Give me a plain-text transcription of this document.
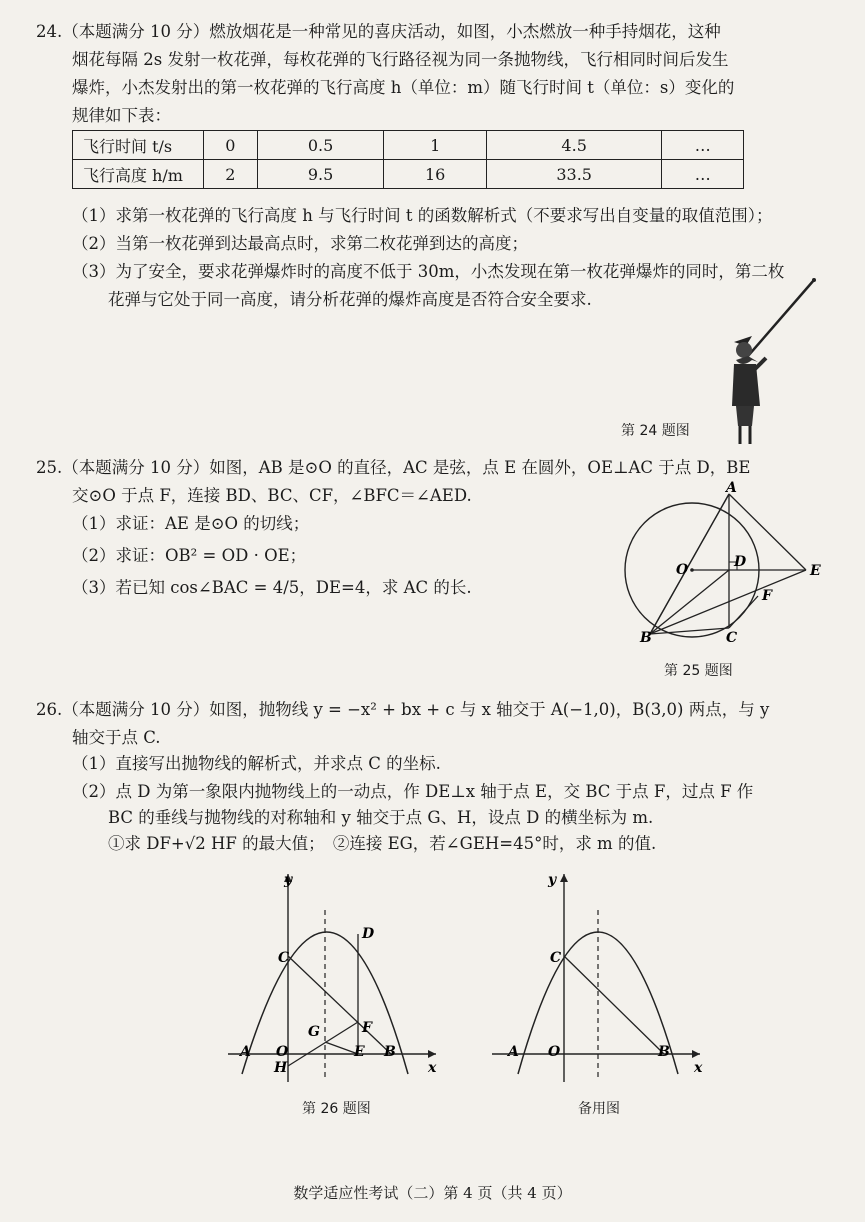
24.（本题满分 10 分）燃放烟花是一种常见的喜庆活动，如图，小杰燃放一种手持烟花，这种
烟花每隔 2s 发射一枚花弹，每枚花弹的飞行路径视为同一条抛物线，飞行相同时间后发生
爆炸，小杰发射出的第一枚花弹的飞行高度 h（单位：m）随飞行时间 t（单位：s）变化的
规律如下表：
飞行时间 t/s	0	0.5	1	4.5	…
飞行高度 h/m	2	9.5	16	33.5	…
（1）求第一枚花弹的飞行高度 h 与飞行时间 t 的函数解析式（不要求写出自变量的取值范围）；
（2）当第一枚花弹到达最高点时，求第二枚花弹到达的高度；
（3）为了安全，要求花弹爆炸时的高度不低于 30m，小杰发现在第一枚花弹爆炸的同时，第二枚
花弹与它处于同一高度，请分析花弹的爆炸高度是否符合安全要求.
第 24 题图
25.（本题满分 10 分）如图，AB 是⊙O 的直径，AC 是弦，点 E 在圆外，OE⊥AC 于点 D，BE
交⊙O 于点 F，连接 BD、BC、CF，∠BFC＝∠AED.
（1）求证：AE 是⊙O 的切线；
（2）求证：OB² = OD · OE；
（3）若已知 cos∠BAC = 4/5，DE=4，求 AC 的长.
A
O	D
E
F
B	C
第 25 题图
26.（本题满分 10 分）如图，抛物线 y = −x² + bx + c 与 x 轴交于 A(−1,0)，B(3,0) 两点，与 y
轴交于点 C.
（1）直接写出抛物线的解析式，并求点 C 的坐标.
（2）点 D 为第一象限内抛物线上的一动点，作 DE⊥x 轴于点 E，交 BC 于点 F，过点 F 作
BC 的垂线与抛物线的对称轴和 y 轴交于点 G、H，设点 D 的横坐标为 m.
①求 DF+√2 HF 的最大值；　②连接 EG，若∠GEH=45°时，求 m 的值.
y
x
C
D
F
G
A O	E B
H
第 26 题图
y
x
C
A O	B
备用图
数学适应性考试（二）第 4 页（共 4 页）
